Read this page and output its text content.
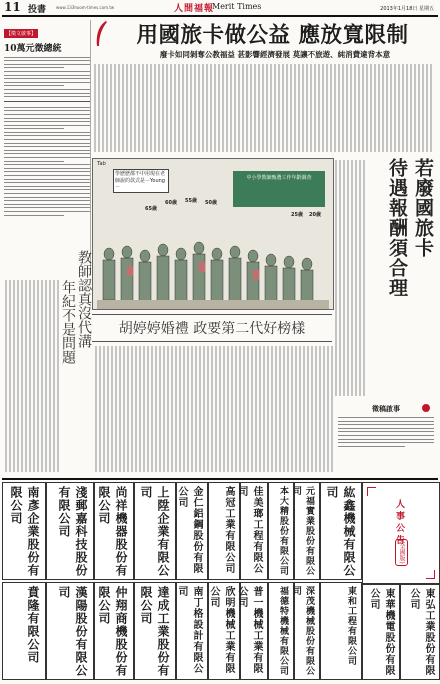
11 投書 www.133hoom-times.com.tw	人間福報
Merit Times	2013年1月18日 星期五
【徵文啟事】
10萬元徵總統
用國旅卡做公益 應放寬限制
廢卡如同剝奪公教福益 甚影響經濟發展 莫讓不旅遊、純消費違背本意
學歷歷都不中用現在老師說的款式是－Young－
中小學教師甄選工作年齡調查
65歲
60歲 55歲 50歲
25歲 20歲
Tab
胡婷婷婚禮 政要第二代好榜樣
若廢國旅卡
待遇報酬須合理
教師認真沒代溝
年紀不是問題
徵稿啟事
南彥企業股份有限公司	淺郵嘉科技股份有限公司	尚祥機器股份有限公司	上陞企業有限公司	金仁鋁鋼股份有限公司	高冠工業有限公司	佳美瑯工程有限公司	本大精股份有限公司	元福實業股份有限公司	紘鑫機械有限公司
人事公告
(全國版)
賁隆有限公司	漢陽股份有限公司	仲翔商機股份有限公司	達成工業股份有限公司	南丁格設計有限公司	欣明機械工業有限公司	普一機械工業有限公司	福德特機械有限公司	深茂機械股份有限公司	東和工程有限公司	東華機電股份有限公司	東弘工業股份有限公司
